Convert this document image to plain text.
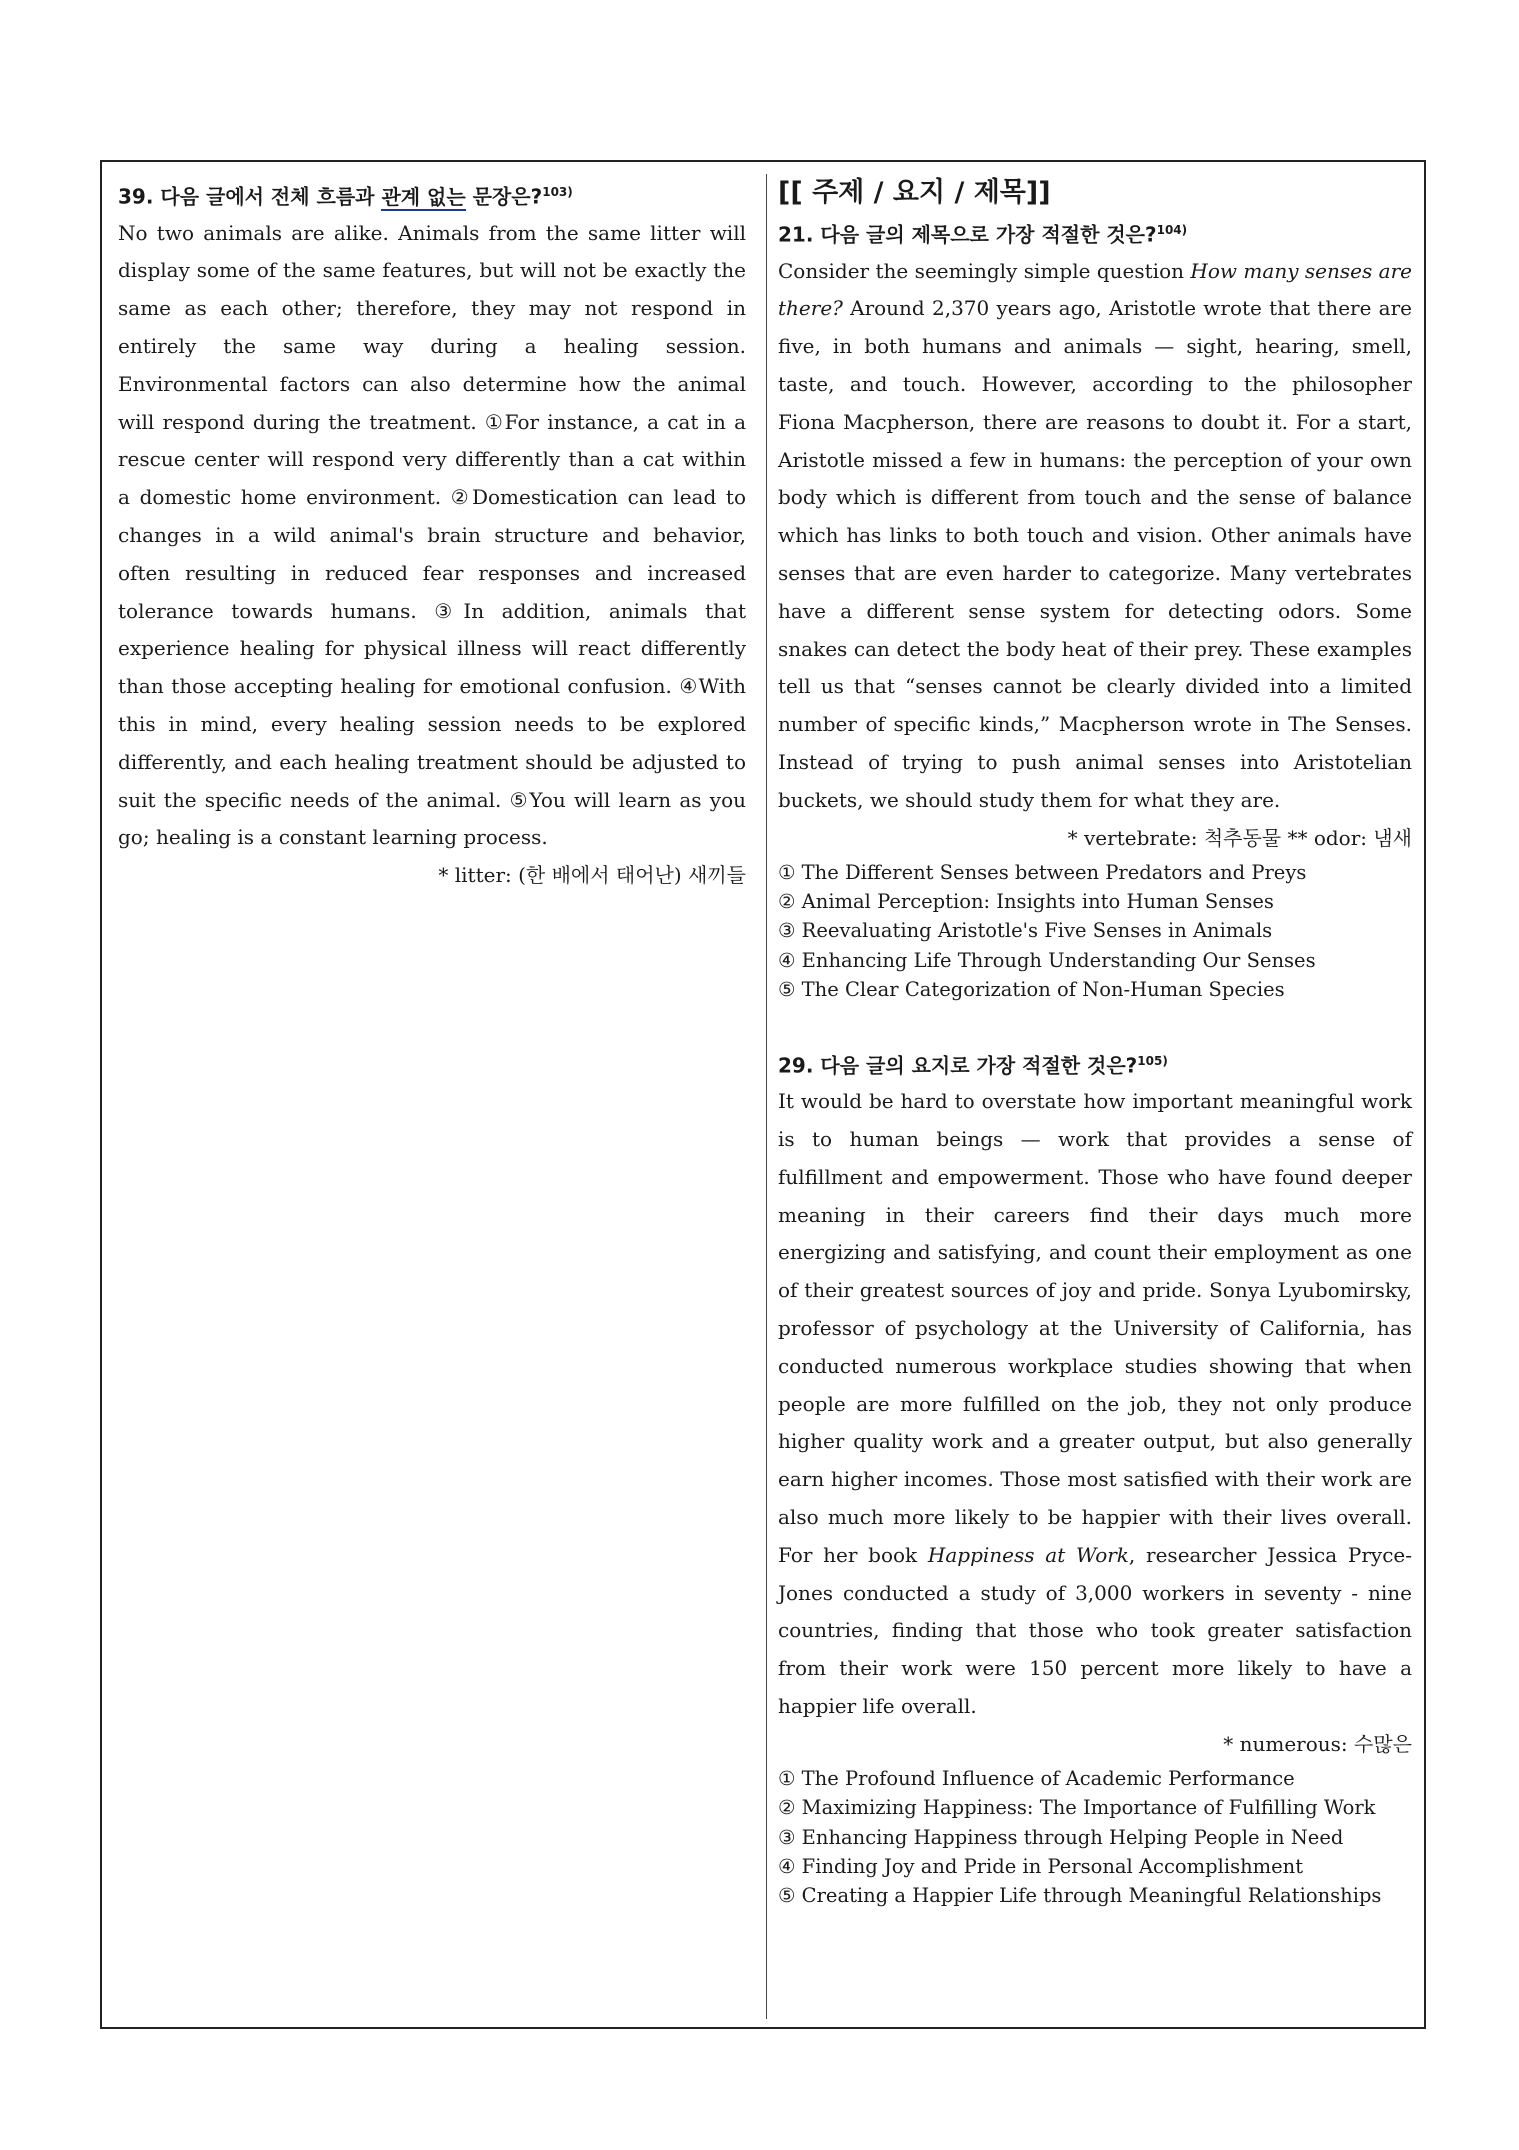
39. 다음 글에서 전체 흐름과 관계 없는 문장은?$^{103)}$

No two animals are alike. Animals from the same litter will display some of the same features, but will not be exactly the same as each other; therefore, they may not respond in entirely the same way during a healing session. Environmental factors can also determine how the animal will respond during the treatment. ①For instance, a cat in a rescue center will respond very differently than a cat within a domestic home environment. ②Domestication can lead to changes in a wild animal's brain structure and behavior, often resulting in reduced fear responses and increased tolerance towards humans. ③In addition, animals that experience healing for physical illness will react differently than those accepting healing for emotional confusion. ④With this in mind, every healing session needs to be explored differently, and each healing treatment should be adjusted to suit the specific needs of the animal. ⑤You will learn as you go; healing is a constant learning process.

* litter: (한 배에서 태어난) 새끼들
[[ 주제 / 요지 / 제목]]
21. 다음 글의 제목으로 가장 적절한 것은?$^{104)}$

Consider the seemingly simple question How many senses are there? Around 2,370 years ago, Aristotle wrote that there are five, in both humans and animals — sight, hearing, smell, taste, and touch. However, according to the philosopher Fiona Macpherson, there are reasons to doubt it. For a start, Aristotle missed a few in humans: the perception of your own body which is different from touch and the sense of balance which has links to both touch and vision. Other animals have senses that are even harder to categorize. Many vertebrates have a different sense system for detecting odors. Some snakes can detect the body heat of their prey. These examples tell us that “senses cannot be clearly divided into a limited number of specific kinds,” Macpherson wrote in The Senses. Instead of trying to push animal senses into Aristotelian buckets, we should study them for what they are.

* vertebrate: 척추동물 ** odor: 냄새
① The Different Senses between Predators and Preys
② Animal Perception: Insights into Human Senses
③ Reevaluating Aristotle's Five Senses in Animals
④ Enhancing Life Through Understanding Our Senses
⑤ The Clear Categorization of Non-Human Species
29. 다음 글의 요지로 가장 적절한 것은?$^{105)}$

It would be hard to overstate how important meaningful work is to human beings — work that provides a sense of fulfillment and empowerment. Those who have found deeper meaning in their careers find their days much more energizing and satisfying, and count their employment as one of their greatest sources of joy and pride. Sonya Lyubomirsky, professor of psychology at the University of California, has conducted numerous workplace studies showing that when people are more fulfilled on the job, they not only produce higher quality work and a greater output, but also generally earn higher incomes. Those most satisfied with their work are also much more likely to be happier with their lives overall. For her book Happiness at Work, researcher Jessica Pryce-Jones conducted a study of 3,000 workers in seventy - nine countries, finding that those who took greater satisfaction from their work were 150 percent more likely to have a happier life overall.

* numerous: 수많은
① The Profound Influence of Academic Performance
② Maximizing Happiness: The Importance of Fulfilling Work
③ Enhancing Happiness through Helping People in Need
④ Finding Joy and Pride in Personal Accomplishment
⑤ Creating a Happier Life through Meaningful Relationships
